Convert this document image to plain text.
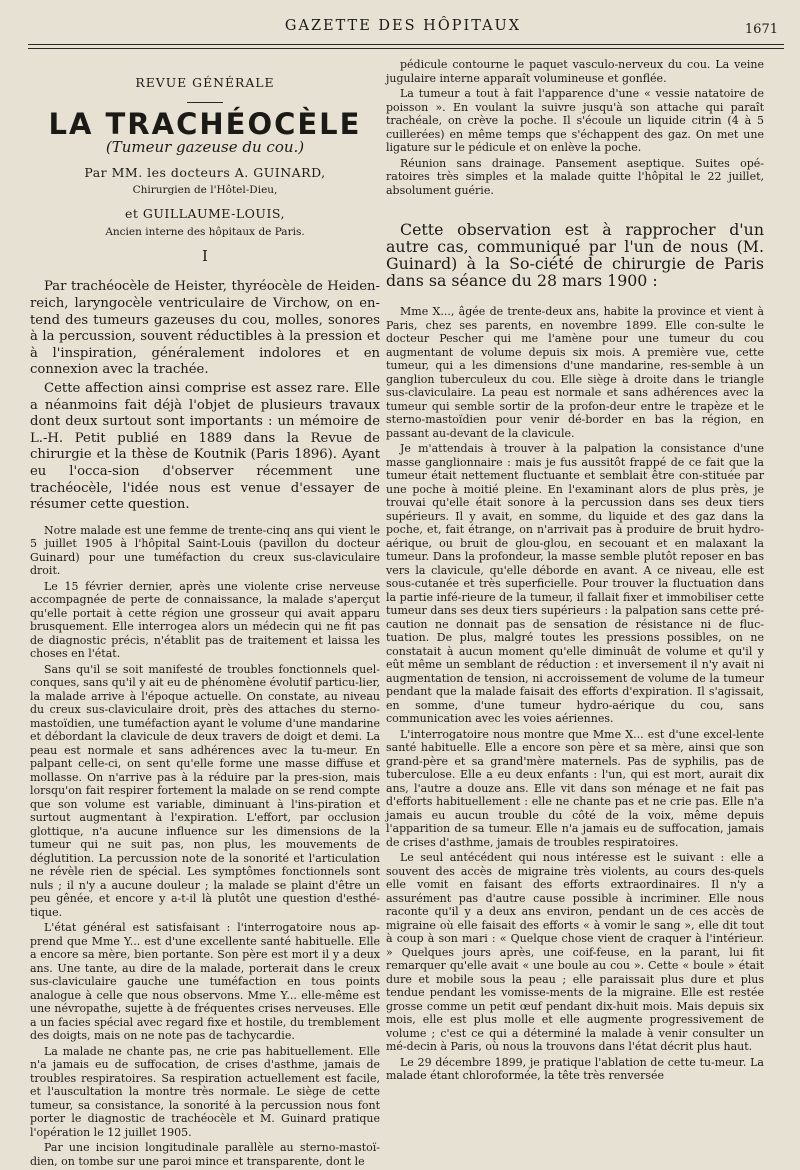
GAZETTE DES HÔPITAUX	1671
REVUE GÉNÉRALE
LA TRACHÉOCÈLE
(Tumeur gazeuse du cou.)
Par MM. les docteurs A. GUINARD,
Chirurgien de l'Hôtel-Dieu,
et GUILLAUME-LOUIS,
Ancien interne des hôpitaux de Paris.
I

Par trachéocèle de Heister, thyréocèle de Heiden-reich, laryngocèle ventriculaire de Virchow, on en-tend des tumeurs gazeuses du cou, molles, sonores à la percussion, souvent réductibles à la pression et à l'inspiration, généralement indolores et en connexion avec la trachée.

Cette affection ainsi comprise est assez rare. Elle a néanmoins fait déjà l'objet de plusieurs travaux dont deux surtout sont importants : un mémoire de L.-H. Petit publié en 1889 dans la Revue de chirurgie et la thèse de Koutnik (Paris 1896). Ayant eu l'occa-sion d'observer récemment une trachéocèle, l'idée nous est venue d'essayer de résumer cette question.

Notre malade est une femme de trente-cinq ans qui vient le 5 juillet 1905 à l'hôpital Saint-Louis (pavillon du docteur Guinard) pour une tuméfaction du creux sus-claviculaire droit.

Le 15 février dernier, après une violente crise nerveuse accompagnée de perte de connaissance, la malade s'aperçut qu'elle portait à cette région une grosseur qui avait apparu brusquement. Elle interrogea alors un médecin qui ne fit pas de diagnostic précis, n'établit pas de traitement et laissa les choses en l'état.

Sans qu'il se soit manifesté de troubles fonctionnels quel-conques, sans qu'il y ait eu de phénomène évolutif particu-lier, la malade arrive à l'époque actuelle. On constate, au niveau du creux sus-claviculaire droit, près des attaches du sterno-mastoïdien, une tuméfaction ayant le volume d'une mandarine et débordant la clavicule de deux travers de doigt et demi. La peau est normale et sans adhérences avec la tu-meur. En palpant celle-ci, on sent qu'elle forme une masse diffuse et mollasse. On n'arrive pas à la réduire par la pres-sion, mais lorsqu'on fait respirer fortement la malade on se rend compte que son volume est variable, diminuant à l'ins-piration et surtout augmentant à l'expiration. L'effort, par occlusion glottique, n'a aucune influence sur les dimensions de la tumeur qui ne suit pas, non plus, les mouvements de déglutition. La percussion note de la sonorité et l'articulation ne révèle rien de spécial. Les symptômes fonctionnels sont nuls ; il n'y a aucune douleur ; la malade se plaint d'être un peu gênée, et encore y a-t-il là plutôt une question d'esthé-tique.

L'état général est satisfaisant : l'interrogatoire nous ap-prend que Mme Y... est d'une excellente santé habituelle. Elle a encore sa mère, bien portante. Son père est mort il y a deux ans. Une tante, au dire de la malade, porterait dans le creux sus-claviculaire gauche une tuméfaction en tous points analogue à celle que nous observons. Mme Y... elle-même est une névropathe, sujette à de fréquentes crises nerveuses. Elle a un facies spécial avec regard fixe et hostile, du tremblement des doigts, mais on ne note pas de tachycardie.

La malade ne chante pas, ne crie pas habituellement. Elle n'a jamais eu de suffocation, de crises d'asthme, jamais de troubles respiratoires. Sa respiration actuellement est facile, et l'auscultation la montre très normale. Le siège de cette tumeur, sa consistance, la sonorité à la percussion nous font porter le diagnostic de trachéocèle et M. Guinard pratique l'opération le 12 juillet 1905.

Par une incision longitudinale parallèle au sterno-mastoï-dien, on tombe sur une paroi mince et transparente, dont le

pédicule contourne le paquet vasculo-nerveux du cou. La veine jugulaire interne apparaît volumineuse et gonflée.

La tumeur a tout à fait l'apparence d'une « vessie natatoire de poisson ». En voulant la suivre jusqu'à son attache qui paraît trachéale, on crève la poche. Il s'écoule un liquide citrin (4 à 5 cuillerées) en même temps que s'échappent des gaz. On met une ligature sur le pédicule et on enlève la poche.

Réunion sans drainage. Pansement aseptique. Suites opé-ratoires très simples et la malade quitte l'hôpital le 22 juillet, absolument guérie.

Cette observation est à rapprocher d'un autre cas, communiqué par l'un de nous (M. Guinard) à la So-ciété de chirurgie de Paris dans sa séance du 28 mars 1900 :

Mme X..., âgée de trente-deux ans, habite la province et vient à Paris, chez ses parents, en novembre 1899. Elle con-sulte le docteur Pescher qui me l'amène pour une tumeur du cou augmentant de volume depuis six mois. A première vue, cette tumeur, qui a les dimensions d'une mandarine, res-semble à un ganglion tuberculeux du cou. Elle siège à droite dans le triangle sus-claviculaire. La peau est normale et sans adhérences avec la tumeur qui semble sortir de la profon-deur entre le trapèze et le sterno-mastoïdien pour venir dé-border en bas la région, en passant au-devant de la clavicule.

Je m'attendais à trouver à la palpation la consistance d'une masse ganglionnaire : mais je fus aussitôt frappé de ce fait que la tumeur était nettement fluctuante et semblait être con-stituée par une poche à moitié pleine. En l'examinant alors de plus près, je trouvai qu'elle était sonore à la percussion dans ses deux tiers supérieurs. Il y avait, en somme, du liquide et des gaz dans la poche, et, fait étrange, on n'arrivait pas à produire de bruit hydro-aérique, ou bruit de glou-glou, en secouant et en malaxant la tumeur. Dans la profondeur, la masse semble plutôt reposer en bas vers la clavicule, qu'elle déborde en avant. A ce niveau, elle est sous-cutanée et très superficielle. Pour trouver la fluctuation dans la partie infé-rieure de la tumeur, il fallait fixer et immobiliser cette tumeur dans ses deux tiers supérieurs : la palpation sans cette pré-caution ne donnait pas de sensation de résistance ni de fluc-tuation. De plus, malgré toutes les pressions possibles, on ne constatait à aucun moment qu'elle diminuât de volume et qu'il y eût même un semblant de réduction : et inversement il n'y avait ni augmentation de tension, ni accroissement de volume de la tumeur pendant que la malade faisait des efforts d'expiration. Il s'agissait, en somme, d'une tumeur hydro-aérique du cou, sans communication avec les voies aériennes.

L'interrogatoire nous montre que Mme X... est d'une excel-lente santé habituelle. Elle a encore son père et sa mère, ainsi que son grand-père et sa grand'mère maternels. Pas de syphilis, pas de tuberculose. Elle a eu deux enfants : l'un, qui est mort, aurait dix ans, l'autre a douze ans. Elle vit dans son ménage et ne fait pas d'efforts habituellement : elle ne chante pas et ne crie pas. Elle n'a jamais eu aucun trouble du côté de la voix, même depuis l'apparition de sa tumeur. Elle n'a jamais eu de suffocation, jamais de crises d'asthme, jamais de troubles respiratoires.

Le seul antécédent qui nous intéresse est le suivant : elle a souvent des accès de migraine très violents, au cours des-quels elle vomit en faisant des efforts extraordinaires. Il n'y a assurément pas d'autre cause possible à incriminer. Elle nous raconte qu'il y a deux ans environ, pendant un de ces accès de migraine où elle faisait des efforts « à vomir le sang », elle dit tout à coup à son mari : « Quelque chose vient de craquer à l'intérieur. » Quelques jours après, une coif-feuse, en la parant, lui fit remarquer qu'elle avait « une boule au cou ». Cette « boule » était dure et mobile sous la peau ; elle paraissait plus dure et plus tendue pendant les vomisse-ments de la migraine. Elle est restée grosse comme un petit œuf pendant dix-huit mois. Mais depuis six mois, elle est plus molle et elle augmente progressivement de volume ; c'est ce qui a déterminé la malade à venir consulter un mé-decin à Paris, où nous la trouvons dans l'état décrit plus haut.

Le 29 décembre 1899, je pratique l'ablation de cette tu-meur. La malade étant chloroformée, la tête très renversée
